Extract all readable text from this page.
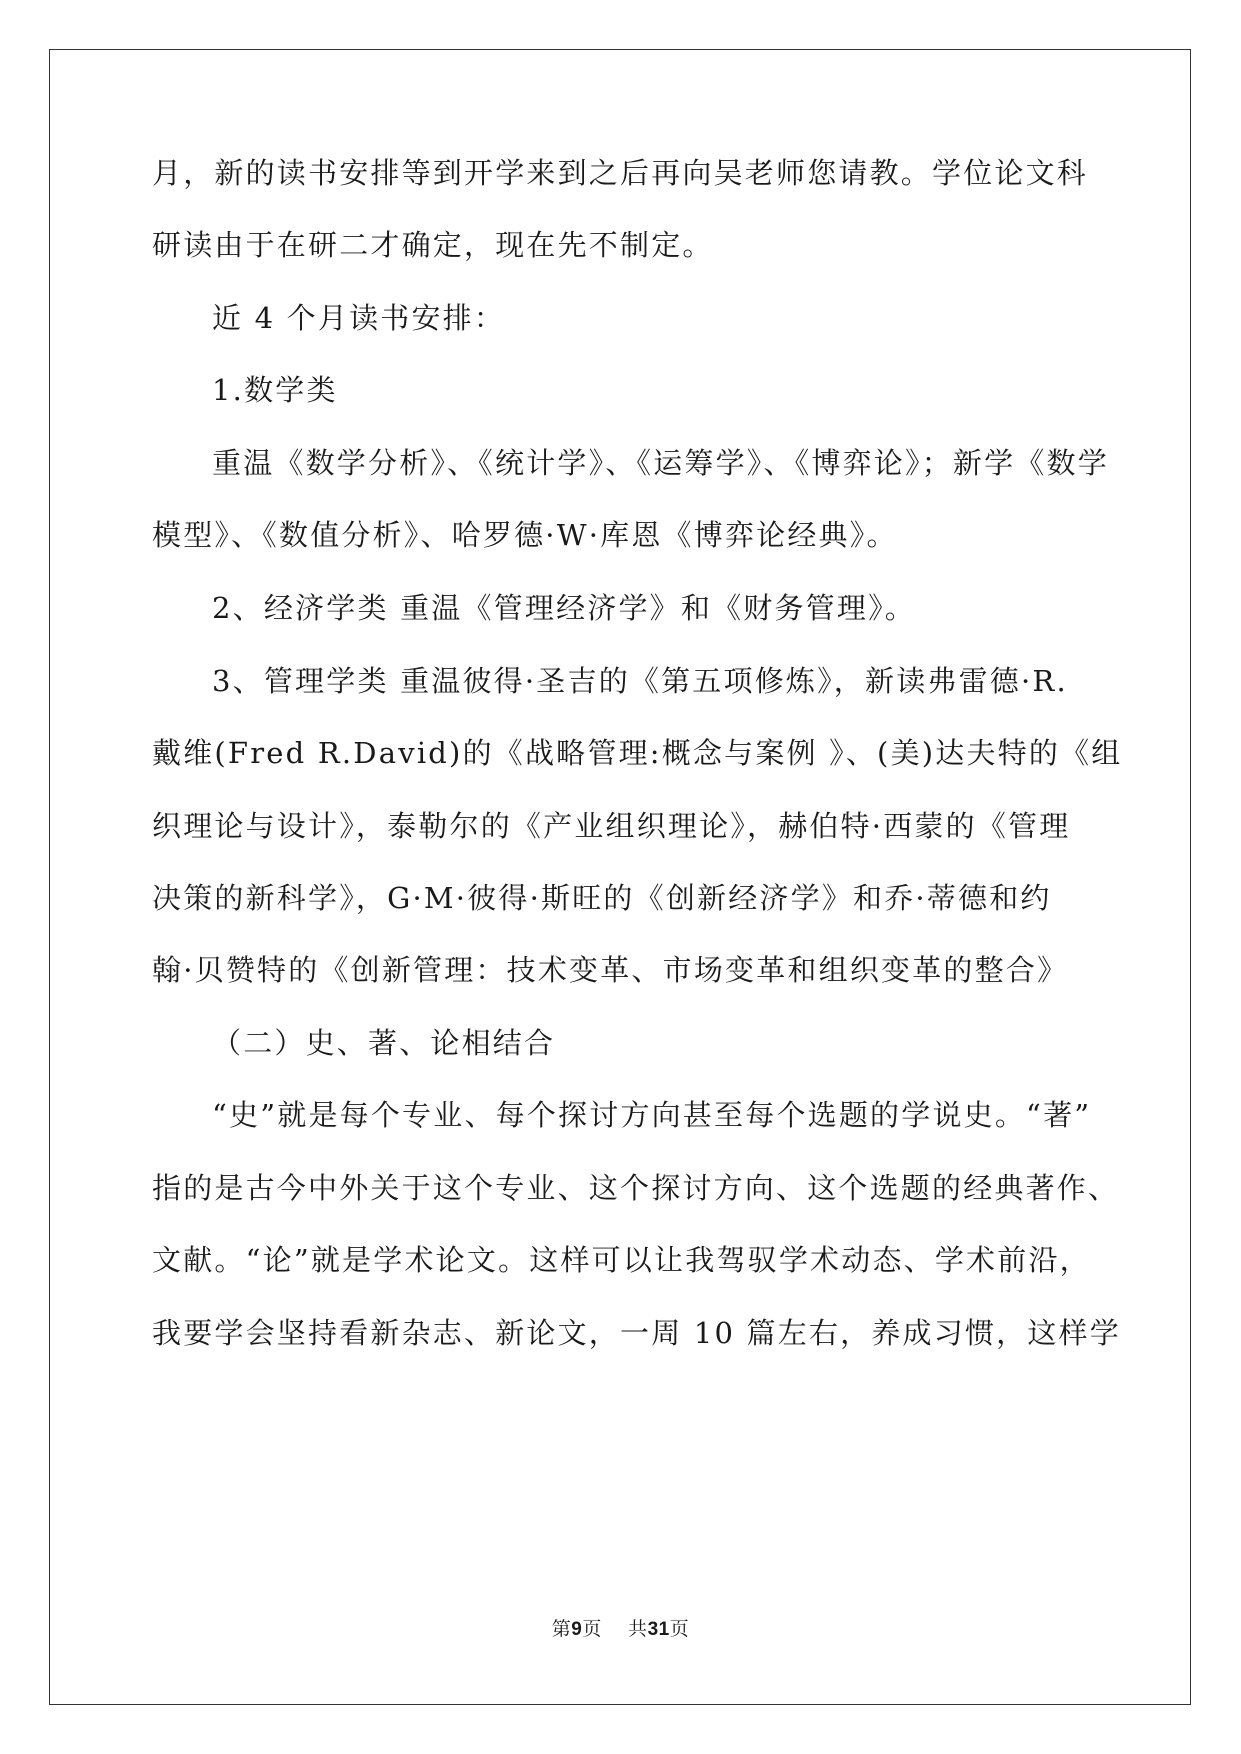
月，新的读书安排等到开学来到之后再向吴老师您请教。学位论文科
研读由于在研二才确定，现在先不制定。
近 4 个月读书安排：
1.数学类
重温《数学分析》、《统计学》、《运筹学》、《博弈论》；新学《数学
模型》、《数值分析》、哈罗德·W·库恩《博弈论经典》。
2、经济学类 重温《管理经济学》和《财务管理》。
3、管理学类 重温彼得·圣吉的《第五项修炼》，新读弗雷德·R.
戴维(Fred R.David)的《战略管理:概念与案例 》、(美)达夫特的《组
织理论与设计》，泰勒尔的《产业组织理论》，赫伯特·西蒙的《管理
决策的新科学》，G·M·彼得·斯旺的《创新经济学》和乔·蒂德和约
翰·贝赞特的《创新管理：技术变革、市场变革和组织变革的整合》
（二）史、著、论相结合
“史”就是每个专业、每个探讨方向甚至每个选题的学说史。“著”
指的是古今中外关于这个专业、这个探讨方向、这个选题的经典著作、
文献。“论”就是学术论文。这样可以让我驾驭学术动态、学术前沿，
我要学会坚持看新杂志、新论文，一周 10 篇左右，养成习惯，这样学
第9页 共31页
